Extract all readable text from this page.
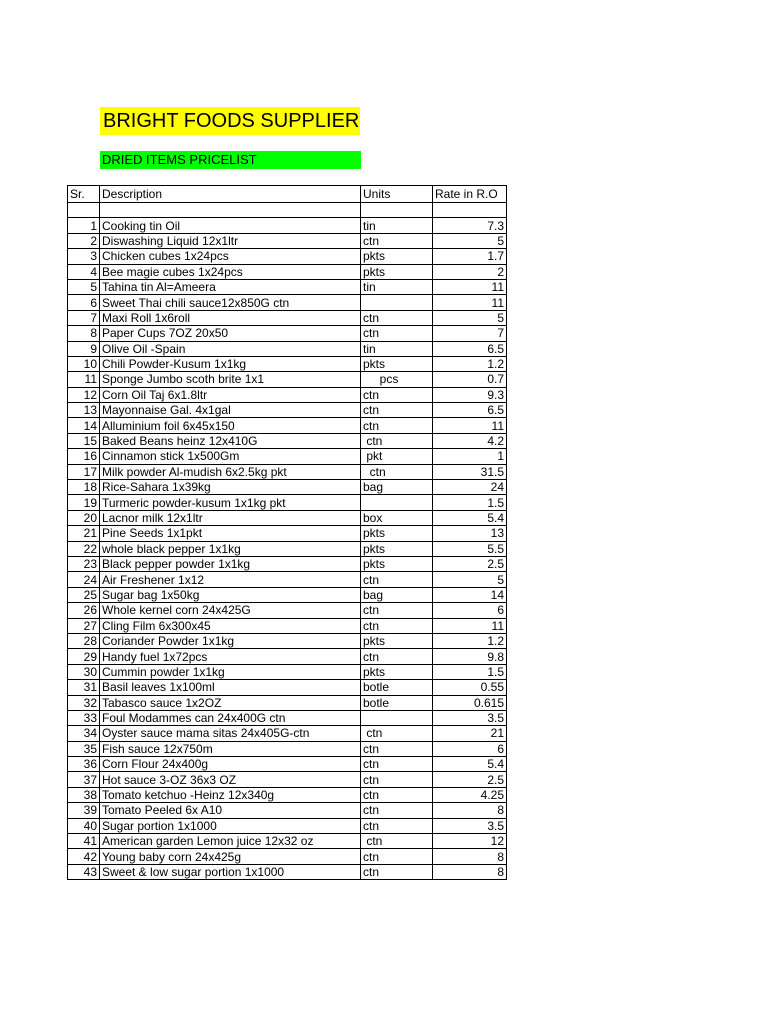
BRIGHT FOODS SUPPLIER
DRIED ITEMS PRICELIST
Sr.	Description	Units	Rate in R.O

1	Cooking tin Oil	tin	7.3
2	Diswashing Liquid 12x1ltr	ctn	5
3	Chicken cubes 1x24pcs	pkts	1.7
4	Bee magie cubes 1x24pcs	pkts	2
5	Tahina tin Al=Ameera	tin	11
6	Sweet Thai chili sauce12x850G ctn		11
7	Maxi Roll 1x6roll	ctn	5
8	Paper Cups 7OZ 20x50	ctn	7
9	Olive Oil -Spain	tin	6.5
10	Chili Powder-Kusum 1x1kg	pkts	1.2
11	Sponge Jumbo scoth brite 1x1	pcs	0.7
12	Corn Oil Taj 6x1.8ltr	ctn	9.3
13	Mayonnaise Gal. 4x1gal	ctn	6.5
14	Alluminium foil 6x45x150	ctn	11
15	Baked Beans heinz 12x410G	ctn	4.2
16	Cinnamon stick 1x500Gm	pkt	1
17	Milk powder Al-mudish 6x2.5kg pkt	ctn	31.5
18	Rice-Sahara 1x39kg	bag	24
19	Turmeric powder-kusum 1x1kg pkt		1.5
20	Lacnor milk 12x1ltr	box	5.4
21	Pine Seeds 1x1pkt	pkts	13
22	whole black pepper 1x1kg	pkts	5.5
23	Black pepper powder 1x1kg	pkts	2.5
24	Air Freshener 1x12	ctn	5
25	Sugar bag 1x50kg	bag	14
26	Whole kernel corn 24x425G	ctn	6
27	Cling Film 6x300x45	ctn	11
28	Coriander Powder 1x1kg	pkts	1.2
29	Handy fuel 1x72pcs	ctn	9.8
30	Cummin powder 1x1kg	pkts	1.5
31	Basil leaves 1x100ml	botle	0.55
32	Tabasco sauce 1x2OZ	botle	0.615
33	Foul Modammes can 24x400G ctn		3.5
34	Oyster sauce mama sitas 24x405G-ctn	ctn	21
35	Fish sauce 12x750m	ctn	6
36	Corn Flour 24x400g	ctn	5.4
37	Hot sauce 3-OZ 36x3 OZ	ctn	2.5
38	Tomato ketchuo -Heinz 12x340g	ctn	4.25
39	Tomato Peeled 6x A10	ctn	8
40	Sugar portion 1x1000	ctn	3.5
41	American garden Lemon juice 12x32 oz	ctn	12
42	Young baby corn 24x425g	ctn	8
43	Sweet & low sugar portion 1x1000	ctn	8
